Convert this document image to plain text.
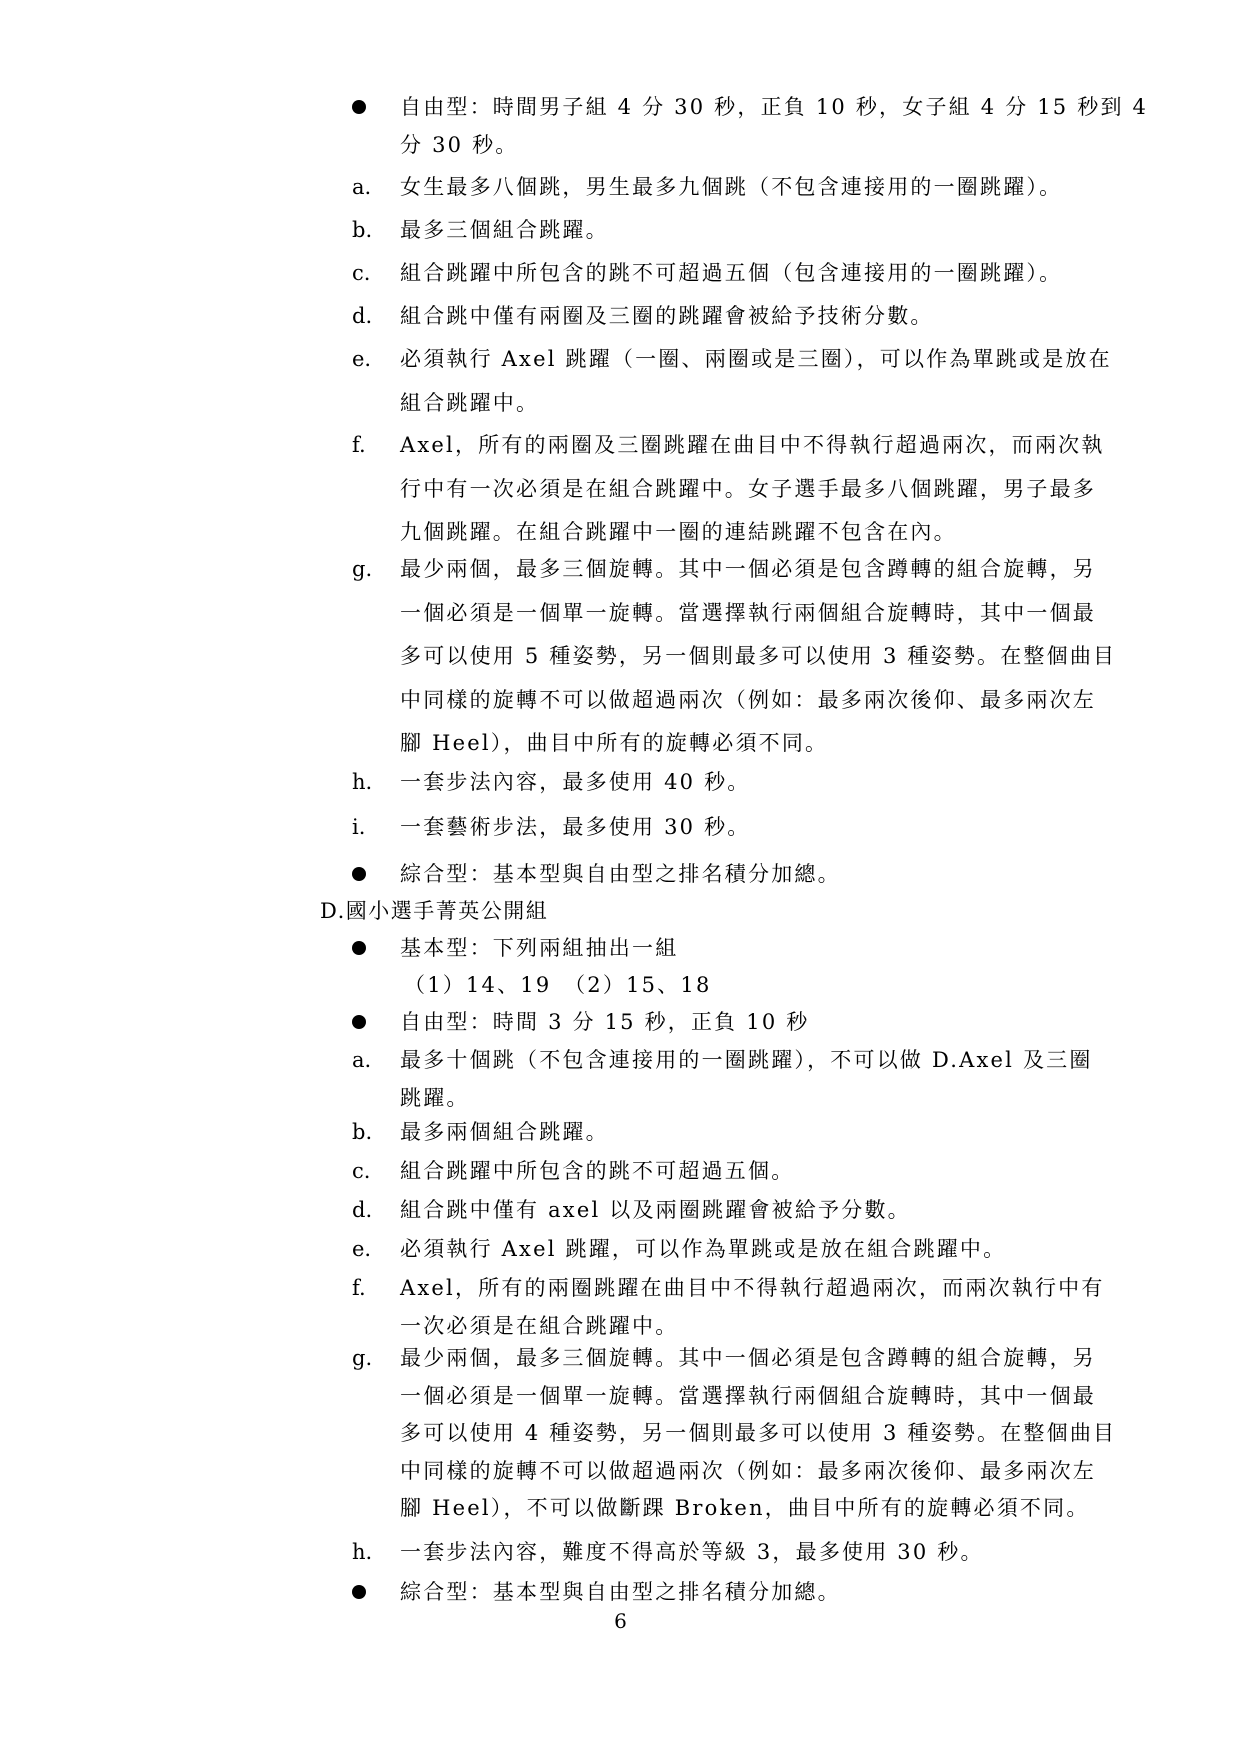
自由型：時間男子組 4 分 30 秒，正負 10 秒，女子組 4 分 15 秒到 4
分 30 秒。
a.	女生最多八個跳，男生最多九個跳（不包含連接用的一圈跳躍）。
b.	最多三個組合跳躍。
c.	組合跳躍中所包含的跳不可超過五個（包含連接用的一圈跳躍）。
d.	組合跳中僅有兩圈及三圈的跳躍會被給予技術分數。
e.	必須執行 Axel 跳躍（一圈、兩圈或是三圈），可以作為單跳或是放在
組合跳躍中。
f.	Axel，所有的兩圈及三圈跳躍在曲目中不得執行超過兩次，而兩次執
行中有一次必須是在組合跳躍中。女子選手最多八個跳躍，男子最多
九個跳躍。在組合跳躍中一圈的連結跳躍不包含在內。
g.	最少兩個，最多三個旋轉。其中一個必須是包含蹲轉的組合旋轉，另
一個必須是一個單一旋轉。當選擇執行兩個組合旋轉時，其中一個最
多可以使用 5 種姿勢，另一個則最多可以使用 3 種姿勢。在整個曲目
中同樣的旋轉不可以做超過兩次（例如：最多兩次後仰、最多兩次左
腳 Heel），曲目中所有的旋轉必須不同。
h.	一套步法內容，最多使用 40 秒。
i.	一套藝術步法，最多使用 30 秒。
綜合型：基本型與自由型之排名積分加總。
D.國小選手菁英公開組
基本型：下列兩組抽出一組
（1）14、19　（2）15、18
自由型：時間 3 分 15 秒，正負 10 秒
a.	最多十個跳（不包含連接用的一圈跳躍），不可以做 D.Axel 及三圈
跳躍。
b.	最多兩個組合跳躍。
c.	組合跳躍中所包含的跳不可超過五個。
d.	組合跳中僅有 axel 以及兩圈跳躍會被給予分數。
e.	必須執行 Axel 跳躍，可以作為單跳或是放在組合跳躍中。
f.	Axel，所有的兩圈跳躍在曲目中不得執行超過兩次，而兩次執行中有
一次必須是在組合跳躍中。
g.	最少兩個，最多三個旋轉。其中一個必須是包含蹲轉的組合旋轉，另
一個必須是一個單一旋轉。當選擇執行兩個組合旋轉時，其中一個最
多可以使用 4 種姿勢，另一個則最多可以使用 3 種姿勢。在整個曲目
中同樣的旋轉不可以做超過兩次（例如：最多兩次後仰、最多兩次左
腳 Heel），不可以做斷踝 Broken，曲目中所有的旋轉必須不同。
h.	一套步法內容，難度不得高於等級 3，最多使用 30 秒。
綜合型：基本型與自由型之排名積分加總。
6
